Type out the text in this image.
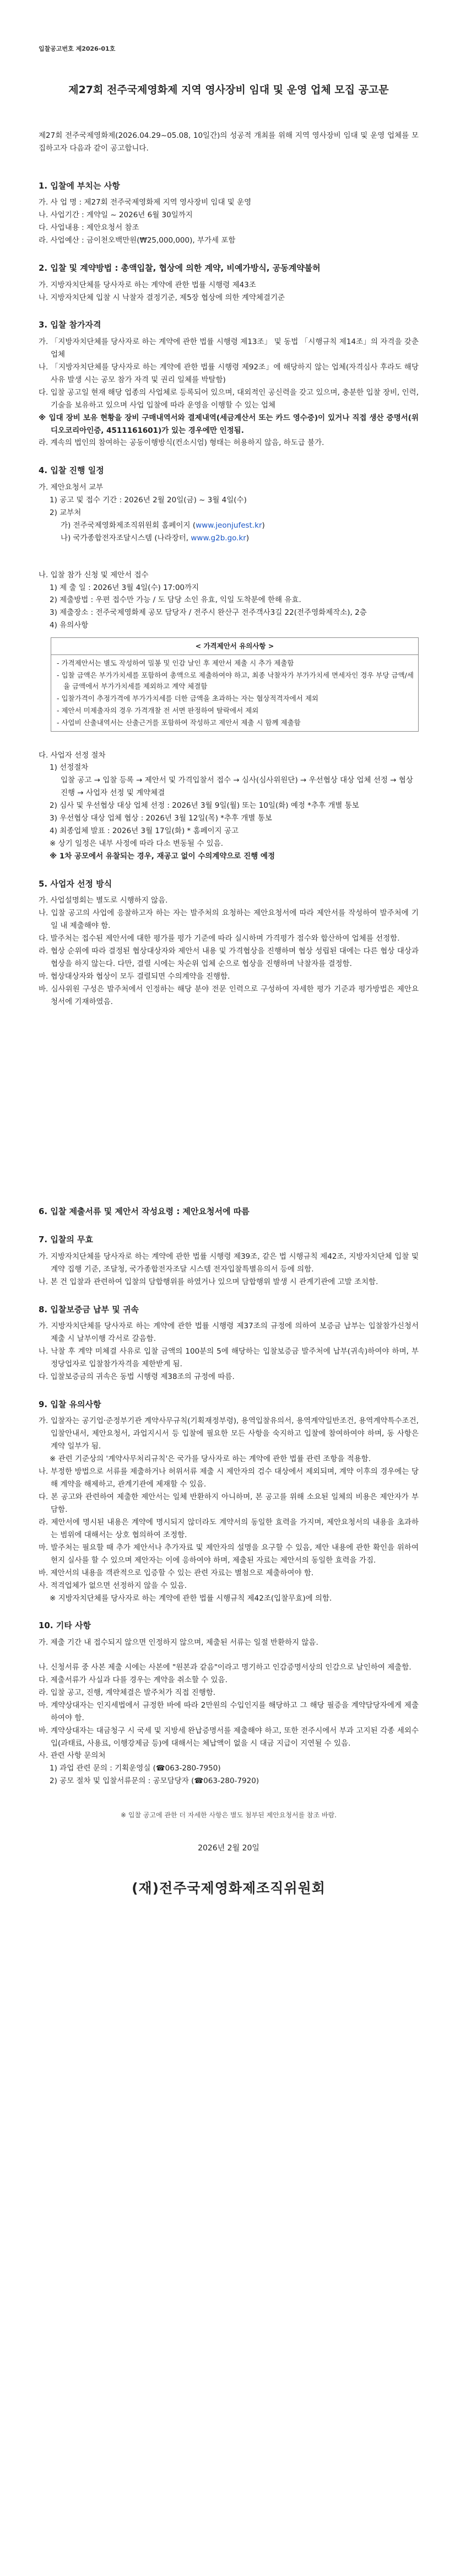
입찰공고번호 제2026-01호
제27회 전주국제영화제 지역 영사장비 임대 및 운영 업체 모집 공고문
제27회 전주국제영화제(2026.04.29~05.08, 10일간)의 성공적 개최를 위해 지역 영사장비 임대 및 운영 업체를 모집하고자 다음과 같이 공고합니다.
1. 입찰에 부치는 사항
가. 사 업 명 : 제27회 전주국제영화제 지역 영사장비 임대 및 운영
나. 사업기간 : 계약일 ~ 2026년 6월 30일까지
다. 사업내용 : 제안요청서 참조
라. 사업예산 : 금이천오백만원(₩25,000,000), 부가세 포함
2. 입찰 및 계약방법 : 총액입찰, 협상에 의한 계약, 비예가방식, 공동계약불허
가. 지방자치단체를 당사자로 하는 계약에 관한 법률 시행령 제43조
나. 지방자치단체 입찰 시 낙찰자 결정기준, 제5장 협상에 의한 계약체결기준
3. 입찰 참가자격
가. 「지방자치단체를 당사자로 하는 계약에 관한 법률 시행령 제13조」 및 동법 「시행규칙 제14조」의 자격을 갖춘 업체
나. 「지방자치단체를 당사자로 하는 계약에 관한 법률 시행령 제92조」에 해당하지 않는 업체(자격심사 후라도 해당 사유 발생 시는 공모 참가 자격 및 권리 일체를 박탈함)
다. 입찰 공고일 현재 해당 업종의 사업체로 등록되어 있으며, 대외적인 공신력을 갖고 있으며, 충분한 입찰 장비, 인력, 기술을 보유하고 있으며 사업 입찰에 따라 운영을 이행할 수 있는 업체
※ 입대 장비 보유 현황을 장비 구매내역서와 결제내역(세금계산서 또는 카드 영수증)이 있거나 직접 생산 증명서(위디오코리아인증, 4511161601)가 있는 경우에만 인정됨.
라. 계속의 법인의 참여하는 공동이행방식(컨소시엄) 형태는 허용하지 않음, 하도급 불가.
4. 입찰 진행 일정
가. 제안요청서 교부
1) 공고 및 접수 기간 : 2026년 2월 20일(금) ~ 3월 4일(수)
2) 교부처
가) 전주국제영화제조직위원회 홈페이지 (www.jeonjufest.kr)
나) 국가종합전자조달시스템 (나라장터, www.g2b.go.kr)
나. 입찰 참가 신청 및 제안서 접수
1) 제 출 일 : 2026년 3월 4일(수) 17:00까지
2) 제출방법 : 우편 접수만 가능 / 도 담당 소인 유효, 익일 도착분에 한해 유효.
3) 제출장소 : 전주국제영화제 공모 담당자 / 전주시 완산구 전주객사3길 22(전주영화제작소), 2층
4) 유의사항
< 가격제안서 유의사항 >
- 가격제안서는 별도 작성하여 밀봉 및 인감 날인 후 제안서 제출 시 추가 제출함
- 입찰 금액은 부가가치세를 포함하여 총액으로 제출하여야 하고, 최종 낙찰자가 부가가치세 면세자인 경우 부당 금액/세율 금액에서 부가가치세를 제외하고 계약 체결함
- 입찰가격이 추정가격에 부가가치세를 더한 금액을 초과하는 자는 협상적격자에서 제외
- 제안서 미제출자의 경우 가격개찰 전 서면 판정하여 탈락에서 제외
- 사업비 산출내역서는 산출근거를 포함하여 작성하고 제안서 제출 시 함께 제출함
다. 사업자 선정 절차
1) 선정절차
입찰 공고 → 입찰 등록 → 제안서 및 가격입찰서 접수 → 심사(심사위원단) → 우선협상 대상 업체 선정 → 협상 진행 → 사업자 선정 및 계약체결
2) 심사 및 우선협상 대상 업체 선정 : 2026년 3월 9일(월) 또는 10일(화) 예정 *추후 개별 통보
3) 우선협상 대상 업체 협상 : 2026년 3월 12일(목) *추후 개별 통보
4) 최종업체 발표 : 2026년 3월 17일(화) * 홈페이지 공고
※ 상기 일정은 내부 사정에 따라 다소 변동될 수 있음.
※ 1차 공모에서 유찰되는 경우, 재공고 없이 수의계약으로 진행 예정
5. 사업자 선정 방식
가. 사업설명회는 별도로 시행하지 않음.
나. 입찰 공고의 사업에 응찰하고자 하는 자는 발주처의 요청하는 제안요청서에 따라 제안서를 작성하여 발주처에 기일 내 제출해야 함.
다. 발주처는 접수된 제안서에 대한 평가를 평가 기준에 따라 실시하며 가격평가 점수와 합산하여 업체를 선정함.
라. 협상 순위에 따라 결정된 협상대상자와 제안서 내용 및 가격협상을 진행하며 협상 성립된 대에는 다른 협상 대상과 협상을 하지 않는다. 다만, 결렬 시에는 차순위 업체 순으로 협상을 진행하며 낙찰자를 결정함.
마. 협상대상자와 협상이 모두 결렬되면 수의계약을 진행함.
바. 심사위원 구성은 발주처에서 인정하는 해당 분야 전문 인력으로 구성하여 자세한 평가 기준과 평가방법은 제안요청서에 기재하였음.
6. 입찰 제출서류 및 제안서 작성요령 : 제안요청서에 따름
7. 입찰의 무효
가. 지방자치단체를 당사자로 하는 계약에 관한 법률 시행령 제39조, 같은 법 시행규칙 제42조, 지방자치단체 입찰 및 계약 집행 기준, 조달청, 국가종합전자조달 시스템 전자입찰특별유의서 등에 의함.
나. 본 건 입찰과 관련하여 입찰의 담합행위를 하였거나 있으며 담합행위 발생 시 관계기관에 고발 조치함.
8. 입찰보증금 납부 및 귀속
가. 지방자치단체를 당사자로 하는 계약에 관한 법률 시행령 제37조의 규정에 의하여 보증금 납부는 입찰참가신청서 제출 시 날부이행 각서로 갈음함.
나. 낙찰 후 계약 미체결 사유로 입찰 금액의 100분의 5에 해당하는 입찰보증금 발주처에 납부(귀속)하여야 하며, 부정당업자로 입찰참가자격을 제한받게 됨.
다. 입찰보증금의 귀속은 동법 시행령 제38조의 규정에 따름.
9. 입찰 유의사항
가. 입찰자는 공기업·준정부기관 계약사무규칙(기획재정부령), 용역입찰유의서, 용역계약일반조건, 용역계약특수조건, 입찰안내서, 제안요청서, 과업지시서 등 입찰에 필요한 모든 사항을 숙지하고 입찰에 참여하여야 하며, 동 사항은 계약 일부가 됨.
※ 관련 기준상의 '계약사무처리규칙'은 국가를 당사자로 하는 계약에 관한 법률 관련 조항을 적용함.
나. 부정한 방법으로 서류를 제출하거나 허위서류 제출 시 제안자의 검수 대상에서 제외되며, 계약 이후의 경우에는 당해 계약을 해제하고, 관계기관에 제재할 수 있음.
다. 본 공고와 관련하여 제출한 제안서는 일체 반환하지 아니하며, 본 공고를 위해 소요된 일체의 비용은 제안자가 부담함.
라. 제안서에 명시된 내용은 계약에 명시되지 않더라도 계약서의 동일한 효력을 가지며, 제안요청서의 내용을 초과하는 범위에 대해서는 상호 협의하여 조정함.
마. 발주처는 필요할 때 추가 제안서나 추가자료 및 제안자의 설명을 요구할 수 있음, 제안 내용에 관한 확인을 위하여 현지 실사를 할 수 있으며 제안자는 이에 응하여야 하며, 제출된 자료는 제안서의 동일한 효력을 가짐.
바. 제안서의 내용을 객관적으로 입증할 수 있는 관련 자료는 별첨으로 제출하여야 함.
사. 적격업체가 없으면 선정하지 않을 수 있음.
※ 지방자치단체를 당사자로 하는 계약에 관한 법률 시행규칙 제42조(입찰무효)에 의함.
10. 기타 사항
가. 제출 기간 내 접수되지 않으면 인정하지 않으며, 제출된 서류는 일절 반환하지 않음.
나. 신청서류 중 사본 제출 시에는 사본에 "원본과 같음"이라고 명기하고 인감증명서상의 인감으로 날인하여 제출함.
다. 제출서류가 사실과 다를 경우는 계약을 취소할 수 있음.
라. 입찰 공고, 진행, 계약체결은 발주처가 직접 진행함.
마. 계약상대자는 인지세법에서 규정한 바에 따라 2만원의 수입인지를 해당하고 그 해당 필증을 계약담당자에게 제출하여야 함.
바. 계약상대자는 대금청구 시 국세 및 지방세 완납증명서를 제출해야 하고, 또한 전주시에서 부과 고지된 각종 세외수입(과태료, 사용료, 이행강제금 등)에 대해서는 체납액이 없을 시 대금 지급이 지연될 수 있음.
사. 관련 사항 문의처
1) 과업 관련 문의 : 기획운영실 (☎063-280-7950)
2) 공모 절차 및 입찰서류문의 : 공모담당자 (☎063-280-7920)
※ 입찰 공고에 관한 더 자세한 사항은 별도 첨부된 제안요청서를 참조 바람.
2026년 2월 20일
(재)전주국제영화제조직위원회
